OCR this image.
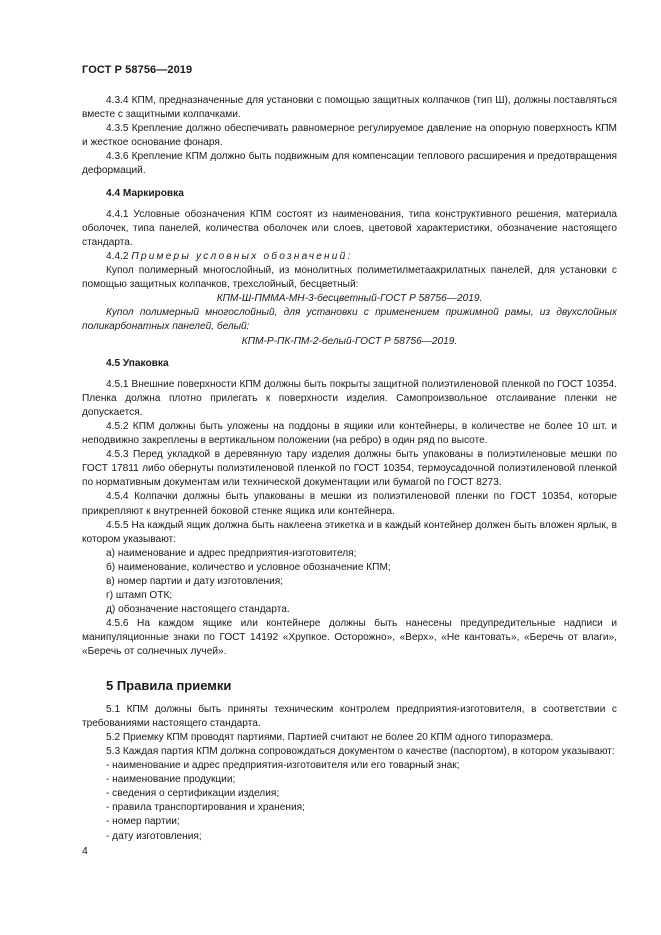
ГОСТ Р 58756—2019

4.3.4 КПМ, предназначенные для установки с помощью защитных колпачков (тип Ш), должны поставляться вместе с защитными колпачками.

4.3.5 Крепление должно обеспечивать равномерное регулируемое давление на опорную поверхность КПМ и жесткое основание фонаря.

4.3.6 Крепление КПМ должно быть подвижным для компенсации теплового расширения и предотвращения деформаций.

4.4 Маркировка

4.4.1 Условные обозначения КПМ состоят из наименования, типа конструктивного решения, материала оболочек, типа панелей, количества оболочек или слоев, цветовой характеристики, обозначение настоящего стандарта.

4.4.2 Примеры условных обозначений:

Купол полимерный многослойный, из монолитных полиметилметаакрилатных панелей, для установки с помощью защитных колпачков, трехслойный, бесцветный:

КПМ-Ш-ПММА-МН-3-бесцветный-ГОСТ Р 58756—2019.

Купол полимерный многослойный, для установки с применением прижимной рамы, из двухслойных поликарбонатных панелей, белый:

КПМ-Р-ПК-ПМ-2-белый-ГОСТ Р 58756—2019.

4.5 Упаковка

4.5.1 Внешние поверхности КПМ должны быть покрыты защитной полиэтиленовой пленкой по ГОСТ 10354. Пленка должна плотно прилегать к поверхности изделия. Самопроизвольное отслаивание пленки не допускается.

4.5.2 КПМ должны быть уложены на поддоны в ящики или контейнеры, в количестве не более 10 шт. и неподвижно закреплены в вертикальном положении (на ребро) в один ряд по высоте.

4.5.3 Перед укладкой в деревянную тару изделия должны быть упакованы в полиэтиленовые мешки по ГОСТ 17811 либо обернуты полиэтиленовой пленкой по ГОСТ 10354, термоусадочной полиэтиленовой пленкой по нормативным документам или технической документации или бумагой по ГОСТ 8273.

4.5.4 Колпачки должны быть упакованы в мешки из полиэтиленовой пленки по ГОСТ 10354, которые прикрепляют к внутренней боковой стенке ящика или контейнера.

4.5.5 На каждый ящик должна быть наклеена этикетка и в каждый контейнер должен быть вложен ярлык, в котором указывают:

а) наименование и адрес предприятия-изготовителя;

б) наименование, количество и условное обозначение КПМ;

в) номер партии и дату изготовления;

г) штамп ОТК;

д) обозначение настоящего стандарта.

4.5.6 На каждом ящике или контейнере должны быть нанесены предупредительные надписи и манипуляционные знаки по ГОСТ 14192 «Хрупкое. Осторожно», «Верх», «Не кантовать», «Беречь от влаги», «Беречь от солнечных лучей».

5 Правила приемки

5.1 КПМ должны быть приняты техническим контролем предприятия-изготовителя, в соответствии с требованиями настоящего стандарта.

5.2 Приемку КПМ проводят партиями. Партией считают не более 20 КПМ одного типоразмера.

5.3 Каждая партия КПМ должна сопровождаться документом о качестве (паспортом), в котором указывают:

- наименование и адрес предприятия-изготовителя или его товарный знак;

- наименование продукции;

- сведения о сертификации изделия;

- правила транспортирования и хранения;

- номер партии;

- дату изготовления;

4
